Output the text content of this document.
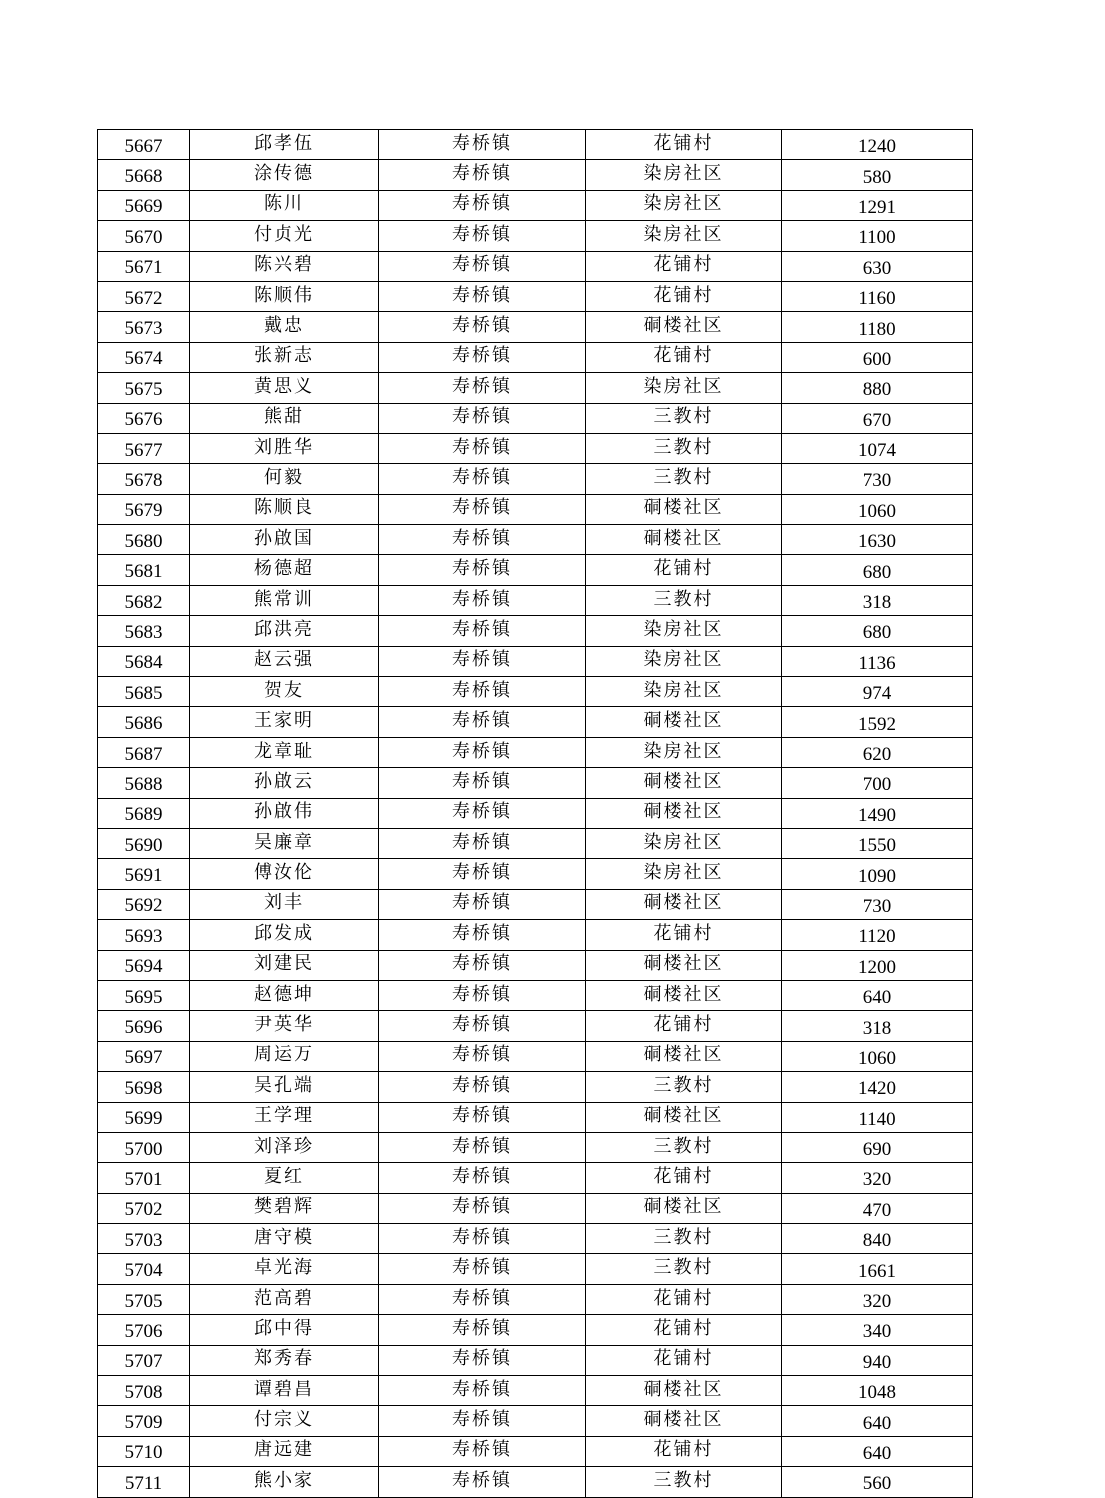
5667	邱孝伍	寿桥镇	花铺村	1240
5668	涂传德	寿桥镇	染房社区	580
5669	陈川	寿桥镇	染房社区	1291
5670	付贞光	寿桥镇	染房社区	1100
5671	陈兴碧	寿桥镇	花铺村	630
5672	陈顺伟	寿桥镇	花铺村	1160
5673	戴忠	寿桥镇	硐楼社区	1180
5674	张新志	寿桥镇	花铺村	600
5675	黄思义	寿桥镇	染房社区	880
5676	熊甜	寿桥镇	三教村	670
5677	刘胜华	寿桥镇	三教村	1074
5678	何毅	寿桥镇	三教村	730
5679	陈顺良	寿桥镇	硐楼社区	1060
5680	孙啟国	寿桥镇	硐楼社区	1630
5681	杨德超	寿桥镇	花铺村	680
5682	熊常训	寿桥镇	三教村	318
5683	邱洪亮	寿桥镇	染房社区	680
5684	赵云强	寿桥镇	染房社区	1136
5685	贺友	寿桥镇	染房社区	974
5686	王家明	寿桥镇	硐楼社区	1592
5687	龙章耻	寿桥镇	染房社区	620
5688	孙啟云	寿桥镇	硐楼社区	700
5689	孙啟伟	寿桥镇	硐楼社区	1490
5690	吴廉章	寿桥镇	染房社区	1550
5691	傅汝伦	寿桥镇	染房社区	1090
5692	刘丰	寿桥镇	硐楼社区	730
5693	邱发成	寿桥镇	花铺村	1120
5694	刘建民	寿桥镇	硐楼社区	1200
5695	赵德坤	寿桥镇	硐楼社区	640
5696	尹英华	寿桥镇	花铺村	318
5697	周运万	寿桥镇	硐楼社区	1060
5698	吴孔端	寿桥镇	三教村	1420
5699	王学理	寿桥镇	硐楼社区	1140
5700	刘泽珍	寿桥镇	三教村	690
5701	夏红	寿桥镇	花铺村	320
5702	樊碧辉	寿桥镇	硐楼社区	470
5703	唐守模	寿桥镇	三教村	840
5704	卓光海	寿桥镇	三教村	1661
5705	范高碧	寿桥镇	花铺村	320
5706	邱中得	寿桥镇	花铺村	340
5707	郑秀春	寿桥镇	花铺村	940
5708	谭碧昌	寿桥镇	硐楼社区	1048
5709	付宗义	寿桥镇	硐楼社区	640
5710	唐远建	寿桥镇	花铺村	640
5711	熊小家	寿桥镇	三教村	560
